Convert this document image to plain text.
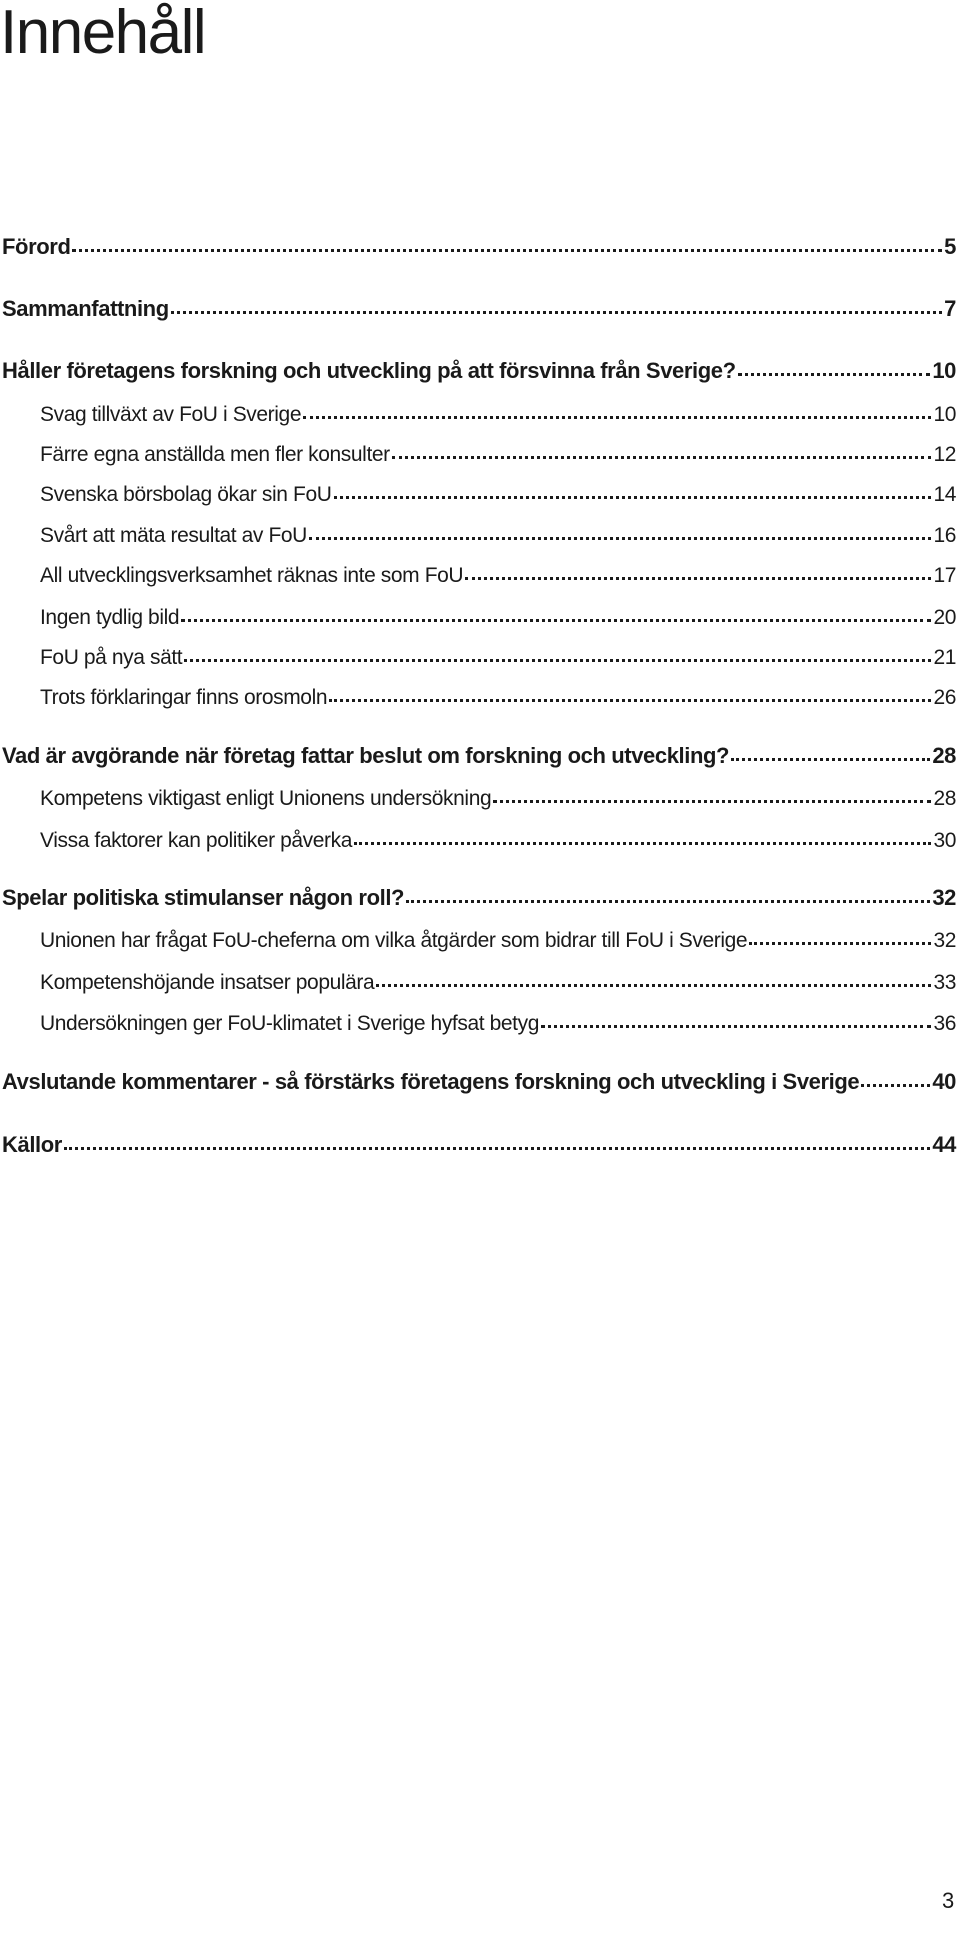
Innehåll
Förord	5
Sammanfattning	7
Håller företagens forskning och utveckling på att försvinna från Sverige?	10
Svag tillväxt av FoU i Sverige	10
Färre egna anställda men fler konsulter	12
Svenska börsbolag ökar sin FoU	14
Svårt att mäta resultat av FoU	16
All utvecklingsverksamhet räknas inte som FoU	17
Ingen tydlig bild	20
FoU på nya sätt	21
Trots förklaringar finns orosmoln	26
Vad är avgörande när företag fattar beslut om forskning och utveckling?	28
Kompetens viktigast enligt Unionens undersökning	28
Vissa faktorer kan politiker påverka	30
Spelar politiska stimulanser någon roll?	32
Unionen har frågat FoU-cheferna om vilka åtgärder som bidrar till FoU i Sverige	32
Kompetenshöjande insatser populära	33
Undersökningen ger FoU-klimatet i Sverige hyfsat betyg	36
Avslutande kommentarer - så förstärks företagens forskning och utveckling i Sverige	40
Källor	44
3
